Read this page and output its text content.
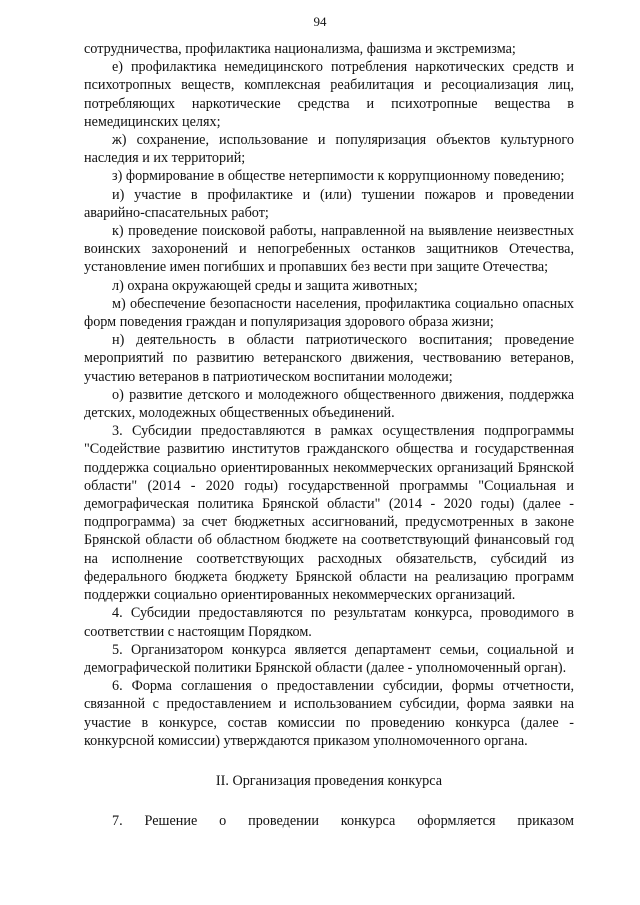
94

сотрудничества, профилактика национализма, фашизма и экстремизма;

е) профилактика немедицинского потребления наркотических средств и психотропных веществ, комплексная реабилитация и ресоциализация лиц, потребляющих наркотические средства и психотропные вещества в немедицинских целях;

ж) сохранение, использование и популяризация объектов культурного наследия и их территорий;

з) формирование в обществе нетерпимости к коррупционному поведению;

и) участие в профилактике и (или) тушении пожаров и проведении аварийно-спасательных работ;

к) проведение поисковой работы, направленной на выявление неизвестных воинских захоронений и непогребенных останков защитников Отечества, установление имен погибших и пропавших без вести при защите Отечества;

л) охрана окружающей среды и защита животных;

м) обеспечение безопасности населения, профилактика социально опасных форм поведения граждан и популяризация здорового образа жизни;

н) деятельность в области патриотического воспитания; проведение мероприятий по развитию ветеранского движения, чествованию ветеранов, участию ветеранов в патриотическом воспитании молодежи;

о) развитие детского и молодежного общественного движения, поддержка детских, молодежных общественных объединений.

3. Субсидии предоставляются в рамках осуществления подпрограммы "Содействие развитию институтов гражданского общества и государственная поддержка социально ориентированных некоммерческих организаций Брянской области" (2014 - 2020 годы) государственной программы "Социальная и демографическая политика Брянской области" (2014 - 2020 годы) (далее - подпрограмма) за счет бюджетных ассигнований, предусмотренных в законе Брянской области об областном бюджете на соответствующий финансовый год на исполнение соответствующих расходных обязательств, субсидий из федерального бюджета бюджету Брянской области на реализацию программ поддержки социально ориентированных некоммерческих организаций.

4. Субсидии предоставляются по результатам конкурса, проводимого в соответствии с настоящим Порядком.

5. Организатором конкурса является департамент семьи, социальной и демографической политики Брянской области (далее - уполномоченный орган).

6. Форма соглашения о предоставлении субсидии, формы отчетности, связанной с предоставлением и использованием субсидии, форма заявки на участие в конкурсе, состав комиссии по проведению конкурса (далее - конкурсной комиссии) утверждаются приказом уполномоченного органа.

II. Организация проведения конкурса

7. Решение о проведении конкурса оформляется приказом
